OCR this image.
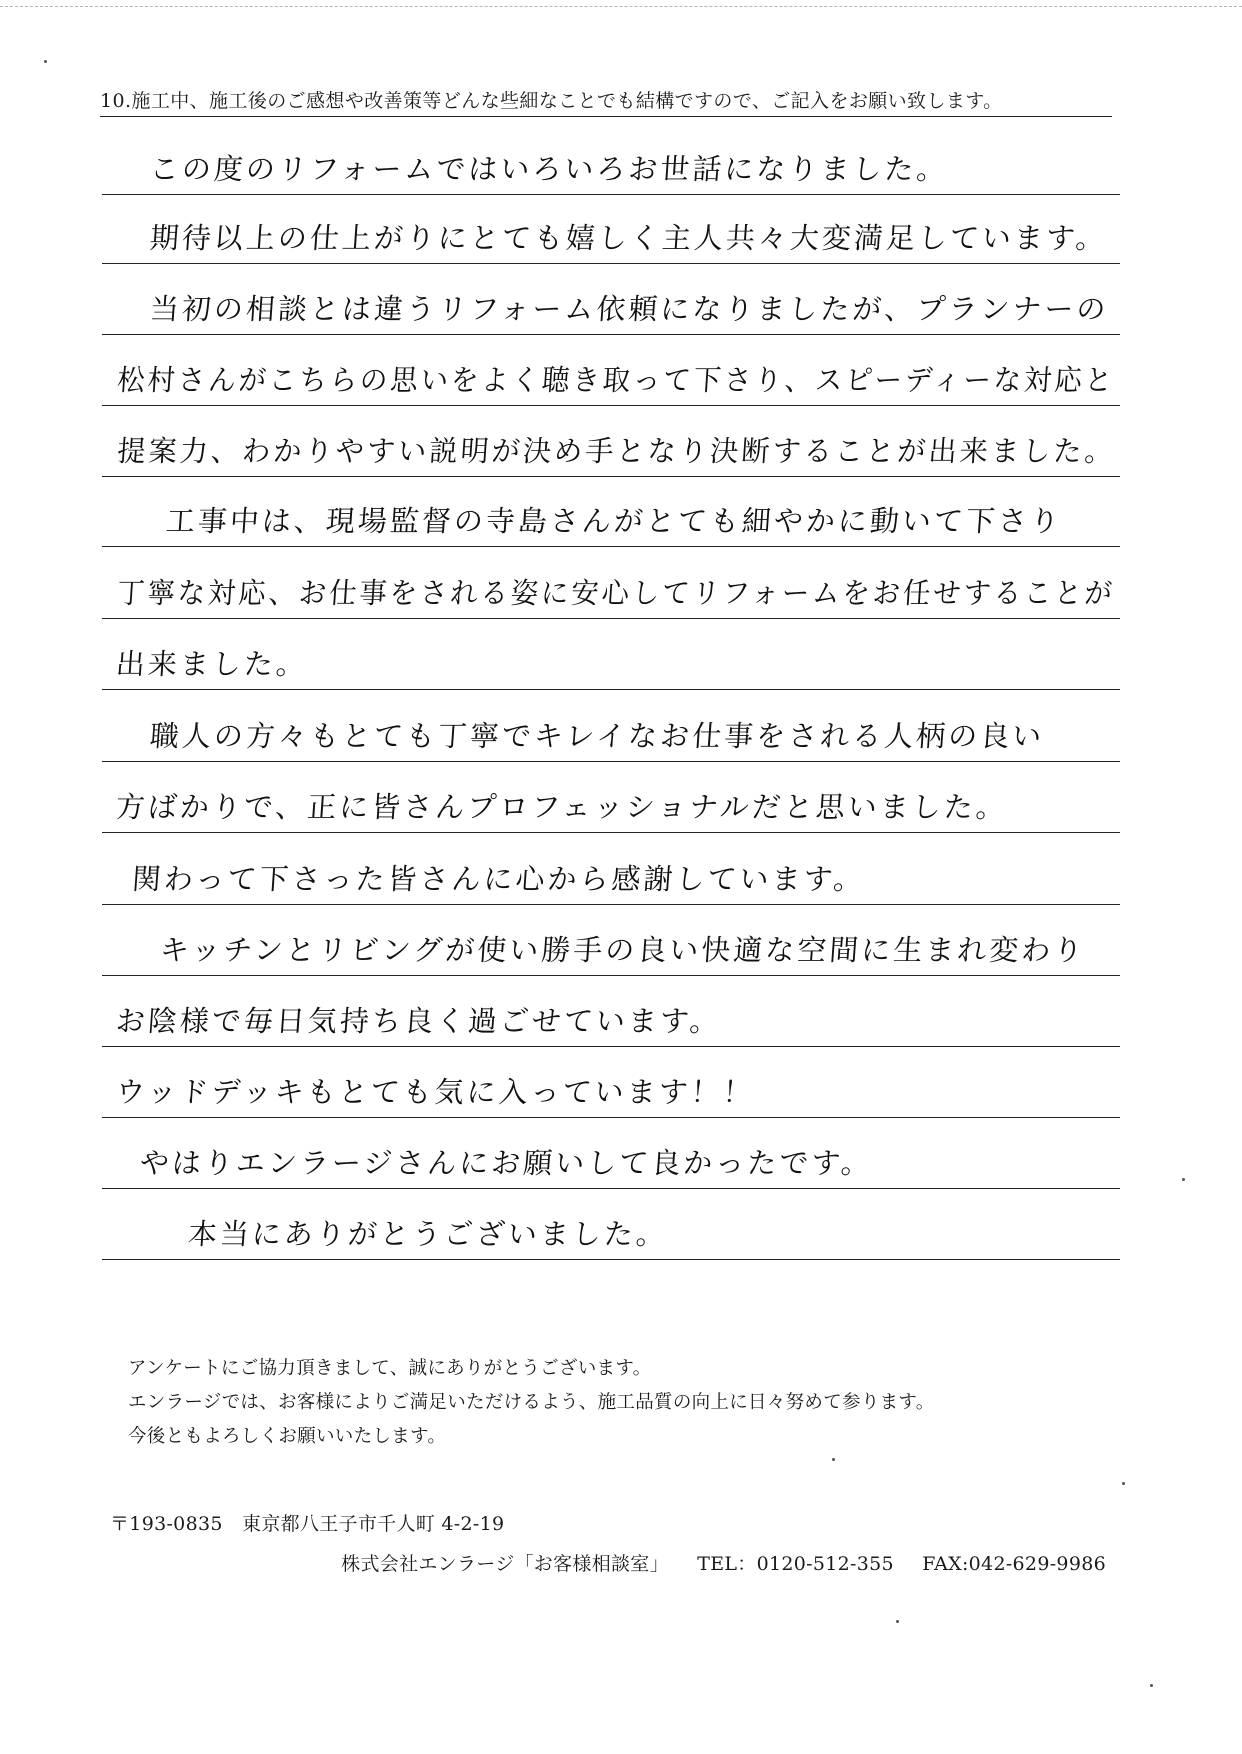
10.施工中、施工後のご感想や改善策等どんな些細なことでも結構ですので、ご記入をお願い致します。
この度のリフォームではいろいろお世話になりました。
期待以上の仕上がりにとても嬉しく主人共々大変満足しています。
当初の相談とは違うリフォーム依頼になりましたが、プランナーの
松村さんがこちらの思いをよく聴き取って下さり、スピーディーな対応と
提案力、わかりやすい説明が決め手となり決断することが出来ました。
工事中は、現場監督の寺島さんがとても細やかに動いて下さり
丁寧な対応、お仕事をされる姿に安心してリフォームをお任せすることが
出来ました。
職人の方々もとても丁寧でキレイなお仕事をされる人柄の良い
方ばかりで、正に皆さんプロフェッショナルだと思いました。
関わって下さった皆さんに心から感謝しています。
キッチンとリビングが使い勝手の良い快適な空間に生まれ変わり
お陰様で毎日気持ち良く過ごせています。
ウッドデッキもとても気に入っています！！
やはりエンラージさんにお願いして良かったです。
本当にありがとうございました。
アンケートにご協力頂きまして、誠にありがとうございます。
エンラージでは、お客様によりご満足いただけるよう、施工品質の向上に日々努めて参ります。
今後ともよろしくお願いいたします。
〒193-0835　東京都八王子市千人町 4-2-19
株式会社エンラージ「お客様相談室」 TEL：0120-512-355 FAX:042-629-9986
